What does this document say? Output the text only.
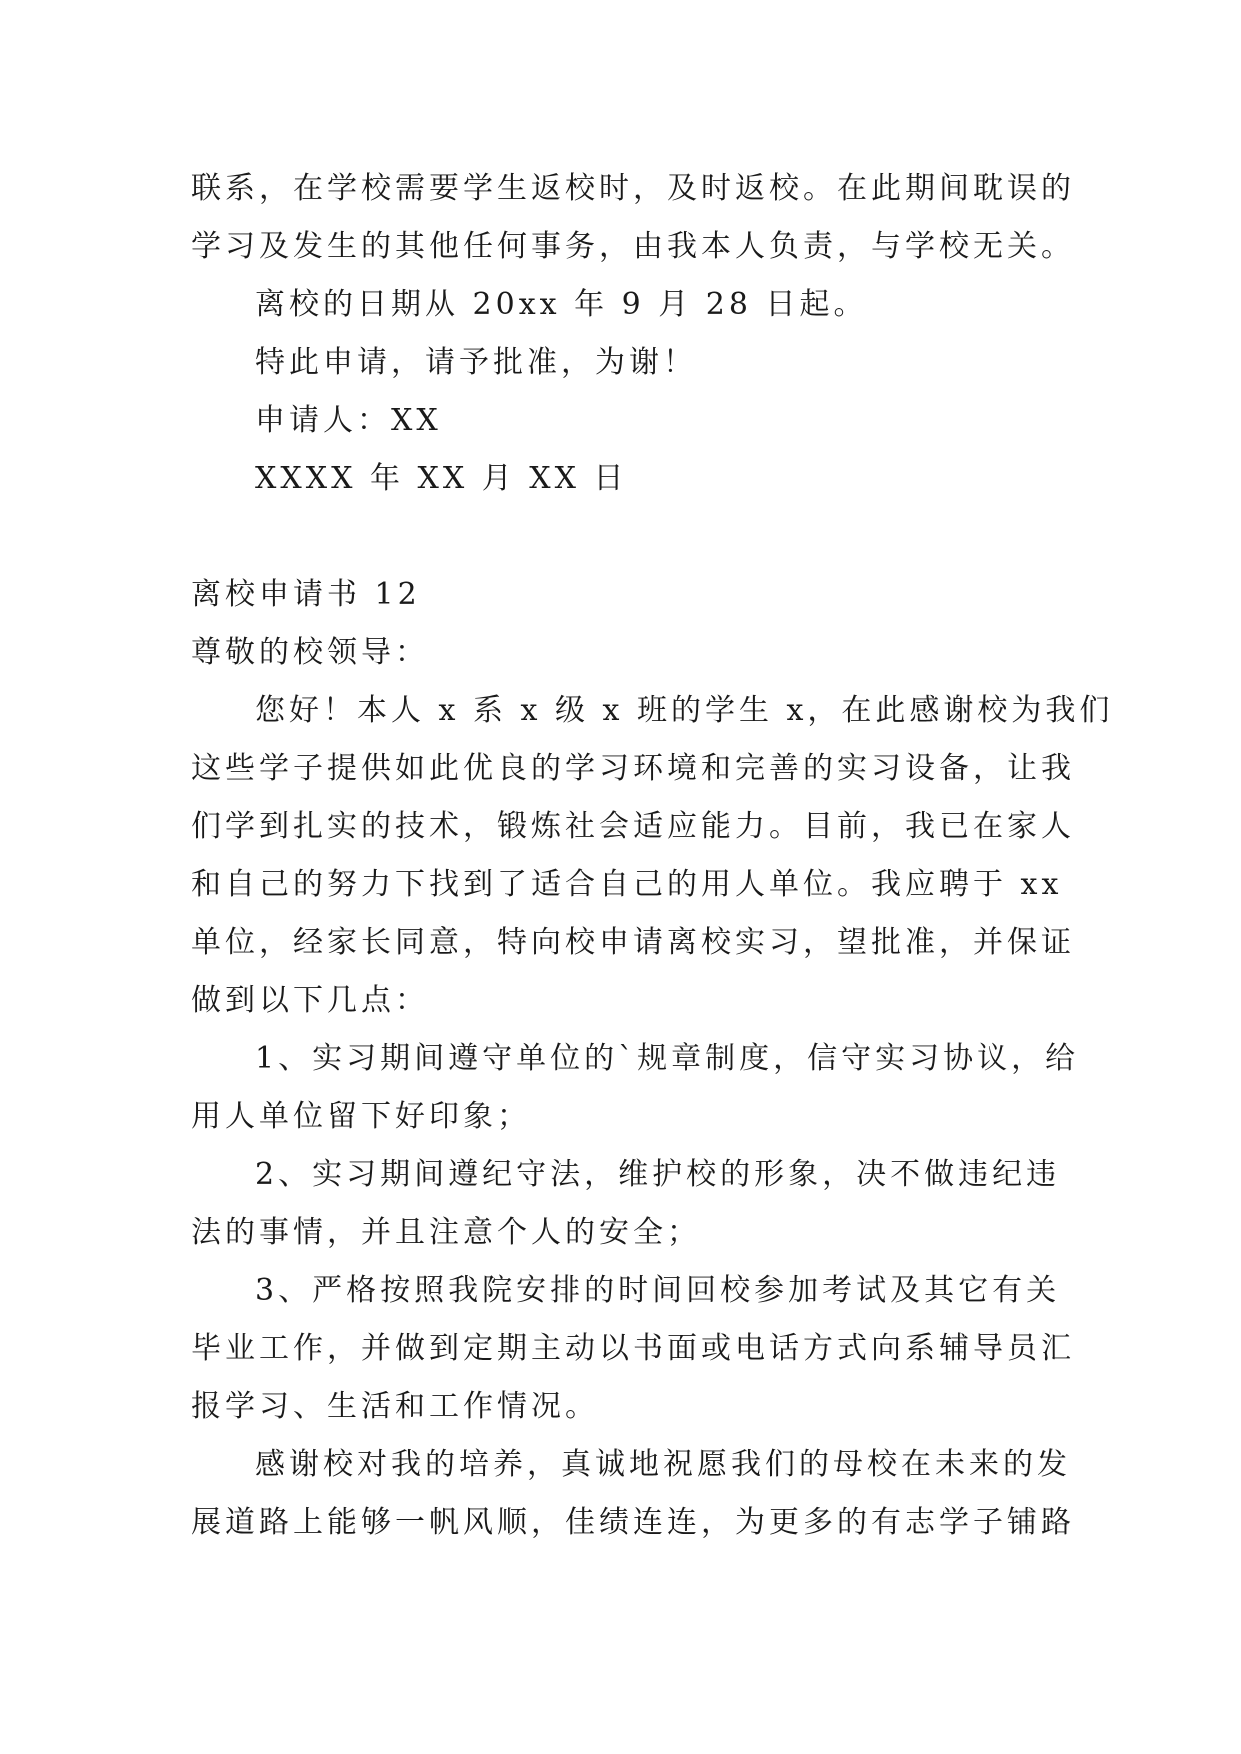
联系，在学校需要学生返校时，及时返校。在此期间耽误的
学习及发生的其他任何事务，由我本人负责，与学校无关。
离校的日期从 20xx 年 9 月 28 日起。
特此申请，请予批准，为谢！
申请人：XX
XXXX 年 XX 月 XX 日
离校申请书 12
尊敬的校领导：
您好！本人 x 系 x 级 x 班的学生 x，在此感谢校为我们
这些学子提供如此优良的学习环境和完善的实习设备，让我
们学到扎实的技术，锻炼社会适应能力。目前，我已在家人
和自己的努力下找到了适合自己的用人单位。我应聘于 xx
单位，经家长同意，特向校申请离校实习，望批准，并保证
做到以下几点：
1、实习期间遵守单位的`规章制度，信守实习协议，给
用人单位留下好印象；
2、实习期间遵纪守法，维护校的形象，决不做违纪违
法的事情，并且注意个人的安全；
3、严格按照我院安排的时间回校参加考试及其它有关
毕业工作，并做到定期主动以书面或电话方式向系辅导员汇
报学习、生活和工作情况。
感谢校对我的培养，真诚地祝愿我们的母校在未来的发
展道路上能够一帆风顺，佳绩连连，为更多的有志学子铺路
